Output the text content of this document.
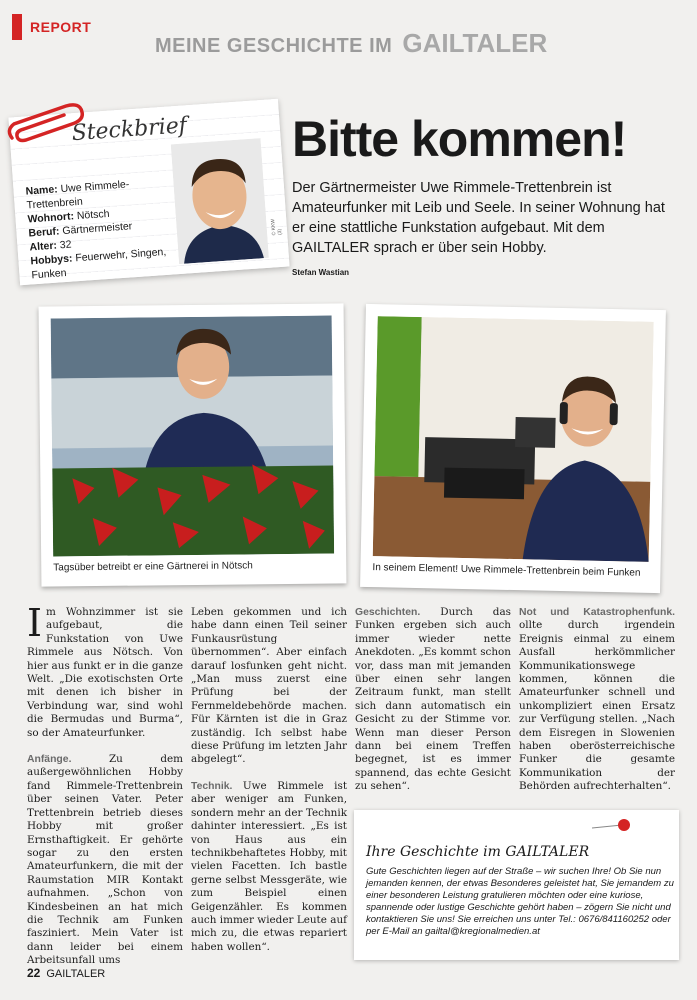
REPORT
MEINE GESCHICHTE IM GAILTALER
Steckbrief
Name: Uwe Rimmele-Trettenbrein
Wohnort: Nötsch
Beruf: Gärtnermeister
Alter: 32
Hobbys: Feuerwehr, Singen, Funken
© KKW (3)
Bitte kommen!
Der Gärtnermeister Uwe Rimmele-Trettenbrein ist Amateurfunker mit Leib und Seele. In seiner Wohnung hat er eine stattliche Funkstation aufgebaut. Mit dem GAILTALER sprach er über sein Hobby.
Stefan Wastian
Tagsüber betreibt er eine Gärtnerei in Nötsch	In seinem Element! Uwe Rimmele-Trettenbrein beim Funken
Im Wohnzimmer ist sie aufgebaut, die Funkstation von Uwe Rimmele aus Nötsch. Von hier aus funkt er in die ganze Welt. „Die exotischsten Orte mit denen ich bisher in Verbindung war, sind wohl die Bermudas und Burma“, so der Amateurfunker.
Anfänge. Zu dem außergewöhnlichen Hobby fand Rimmele-Trettenbrein über seinen Vater. Peter Trettenbrein betrieb dieses Hobby mit großer Ernsthaftigkeit. Er gehörte sogar zu den ersten Amateurfunkern, die mit der Raumstation MIR Kontakt aufnahmen. „Schon von Kindesbeinen an hat mich die Technik am Funken fasziniert. Mein Vater ist dann leider bei einem Arbeitsunfall ums
Leben gekommen und ich habe dann einen Teil seiner Funkausrüstung übernommen“. Aber einfach darauf losfunken geht nicht. „Man muss zuerst eine Prüfung bei der Fernmeldebehörde machen. Für Kärnten ist die in Graz zuständig. Ich selbst habe diese Prüfung im letzten Jahr abgelegt“.
Technik. Uwe Rimmele ist aber weniger am Funken, sondern mehr an der Technik dahinter interessiert. „Es ist von Haus aus ein technikbehaftetes Hobby, mit vielen Facetten. Ich bastle gerne selbst Messgeräte, wie zum Beispiel einen Geigenzähler. Es kommen auch immer wieder Leute auf mich zu, die etwas repariert haben wollen“.
Geschichten. Durch das Funken ergeben sich auch immer wieder nette Anekdoten. „Es kommt schon vor, dass man mit jemanden über einen sehr langen Zeitraum funkt, man stellt sich dann automatisch ein Gesicht zu der Stimme vor. Wenn man dieser Person dann bei einem Treffen begegnet, ist es immer spannend, das echte Gesicht zu sehen“.
Not und Katastrophenfunk. ollte durch irgendein Ereignis einmal zu einem Ausfall herkömmlicher Kommunikationswege kommen, können die Amateurfunker schnell und unkompliziert einen Ersatz zur Verfügung stellen. „Nach dem Eisregen in Slowenien haben oberösterreichische Funker die gesamte Kommunikation der Behörden aufrechterhalten“.
Ihre Geschichte im GAILTALER
Gute Geschichten liegen auf der Straße – wir suchen Ihre! Ob Sie nun jemanden kennen, der etwas Besonderes geleistet hat, Sie jemandem zu einer besonderen Leistung gratulieren möchten oder eine kuriose, spannende oder lustige Geschichte gehört haben – zögern Sie nicht und kontaktieren Sie uns! Sie erreichen uns unter Tel.: 0676/841160252 oder per E-Mail an gailtal@kregionalmedien.at
22 GAILTALER
